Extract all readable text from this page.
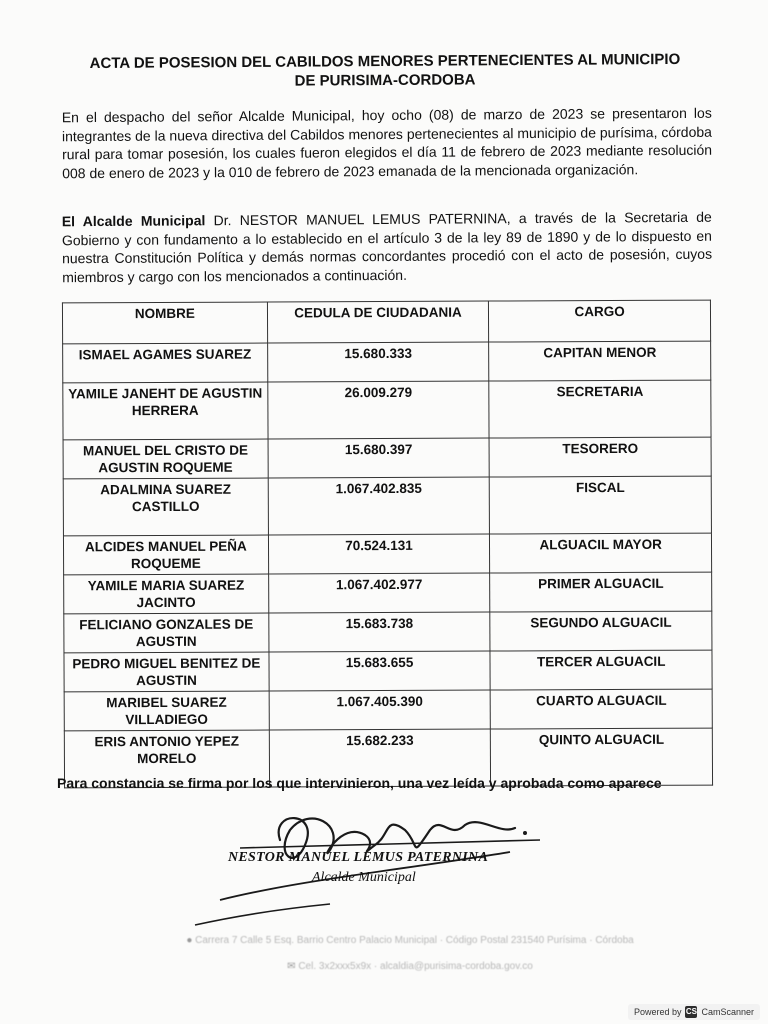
ACTA DE POSESION DEL CABILDOS MENORES PERTENECIENTES AL MUNICIPIO
DE PURISIMA-CORDOBA
En el despacho del señor Alcalde Municipal, hoy ocho (08) de marzo de 2023 se presentaron los integrantes de la nueva directiva del Cabildos menores pertenecientes al municipio de purísima, córdoba rural para tomar posesión, los cuales fueron elegidos el día 11 de febrero de 2023 mediante resolución 008 de enero de 2023 y la 010 de febrero de 2023 emanada de la mencionada organización.
El Alcalde Municipal Dr. NESTOR MANUEL LEMUS PATERNINA, a través de la Secretaria de Gobierno y con fundamento a lo establecido en el artículo 3 de la ley 89 de 1890 y de lo dispuesto en nuestra Constitución Política y demás normas concordantes procedió con el acto de posesión, cuyos miembros y cargo con los mencionados a continuación.
NOMBRE	CEDULA DE CIUDADANIA	CARGO
ISMAEL AGAMES SUAREZ	15.680.333	CAPITAN MENOR
YAMILE JANEHT DE AGUSTIN HERRERA	26.009.279	SECRETARIA
MANUEL DEL CRISTO DE AGUSTIN ROQUEME	15.680.397	TESORERO
ADALMINA SUAREZ CASTILLO	1.067.402.835	FISCAL
ALCIDES MANUEL PEÑA ROQUEME	70.524.131	ALGUACIL MAYOR
YAMILE MARIA SUAREZ JACINTO	1.067.402.977	PRIMER ALGUACIL
FELICIANO GONZALES DE AGUSTIN	15.683.738	SEGUNDO ALGUACIL
PEDRO MIGUEL BENITEZ DE AGUSTIN	15.683.655	TERCER ALGUACIL
MARIBEL SUAREZ VILLADIEGO	1.067.405.390	CUARTO ALGUACIL
ERIS ANTONIO YEPEZ MORELO	15.682.233	QUINTO ALGUACIL
Para constancia se firma por los que intervinieron, una vez leída y aprobada como aparece
NESTOR MANUEL LEMUS PATERNINA
Alcalde Municipal
● Carrera 7 Calle 5 Esq. Barrio Centro Palacio Municipal · Código Postal 231540 Purísima · Córdoba
✉ Cel. 3x2xxx5x9x · alcaldia@purisima-cordoba.gov.co
Powered by CS CamScanner
